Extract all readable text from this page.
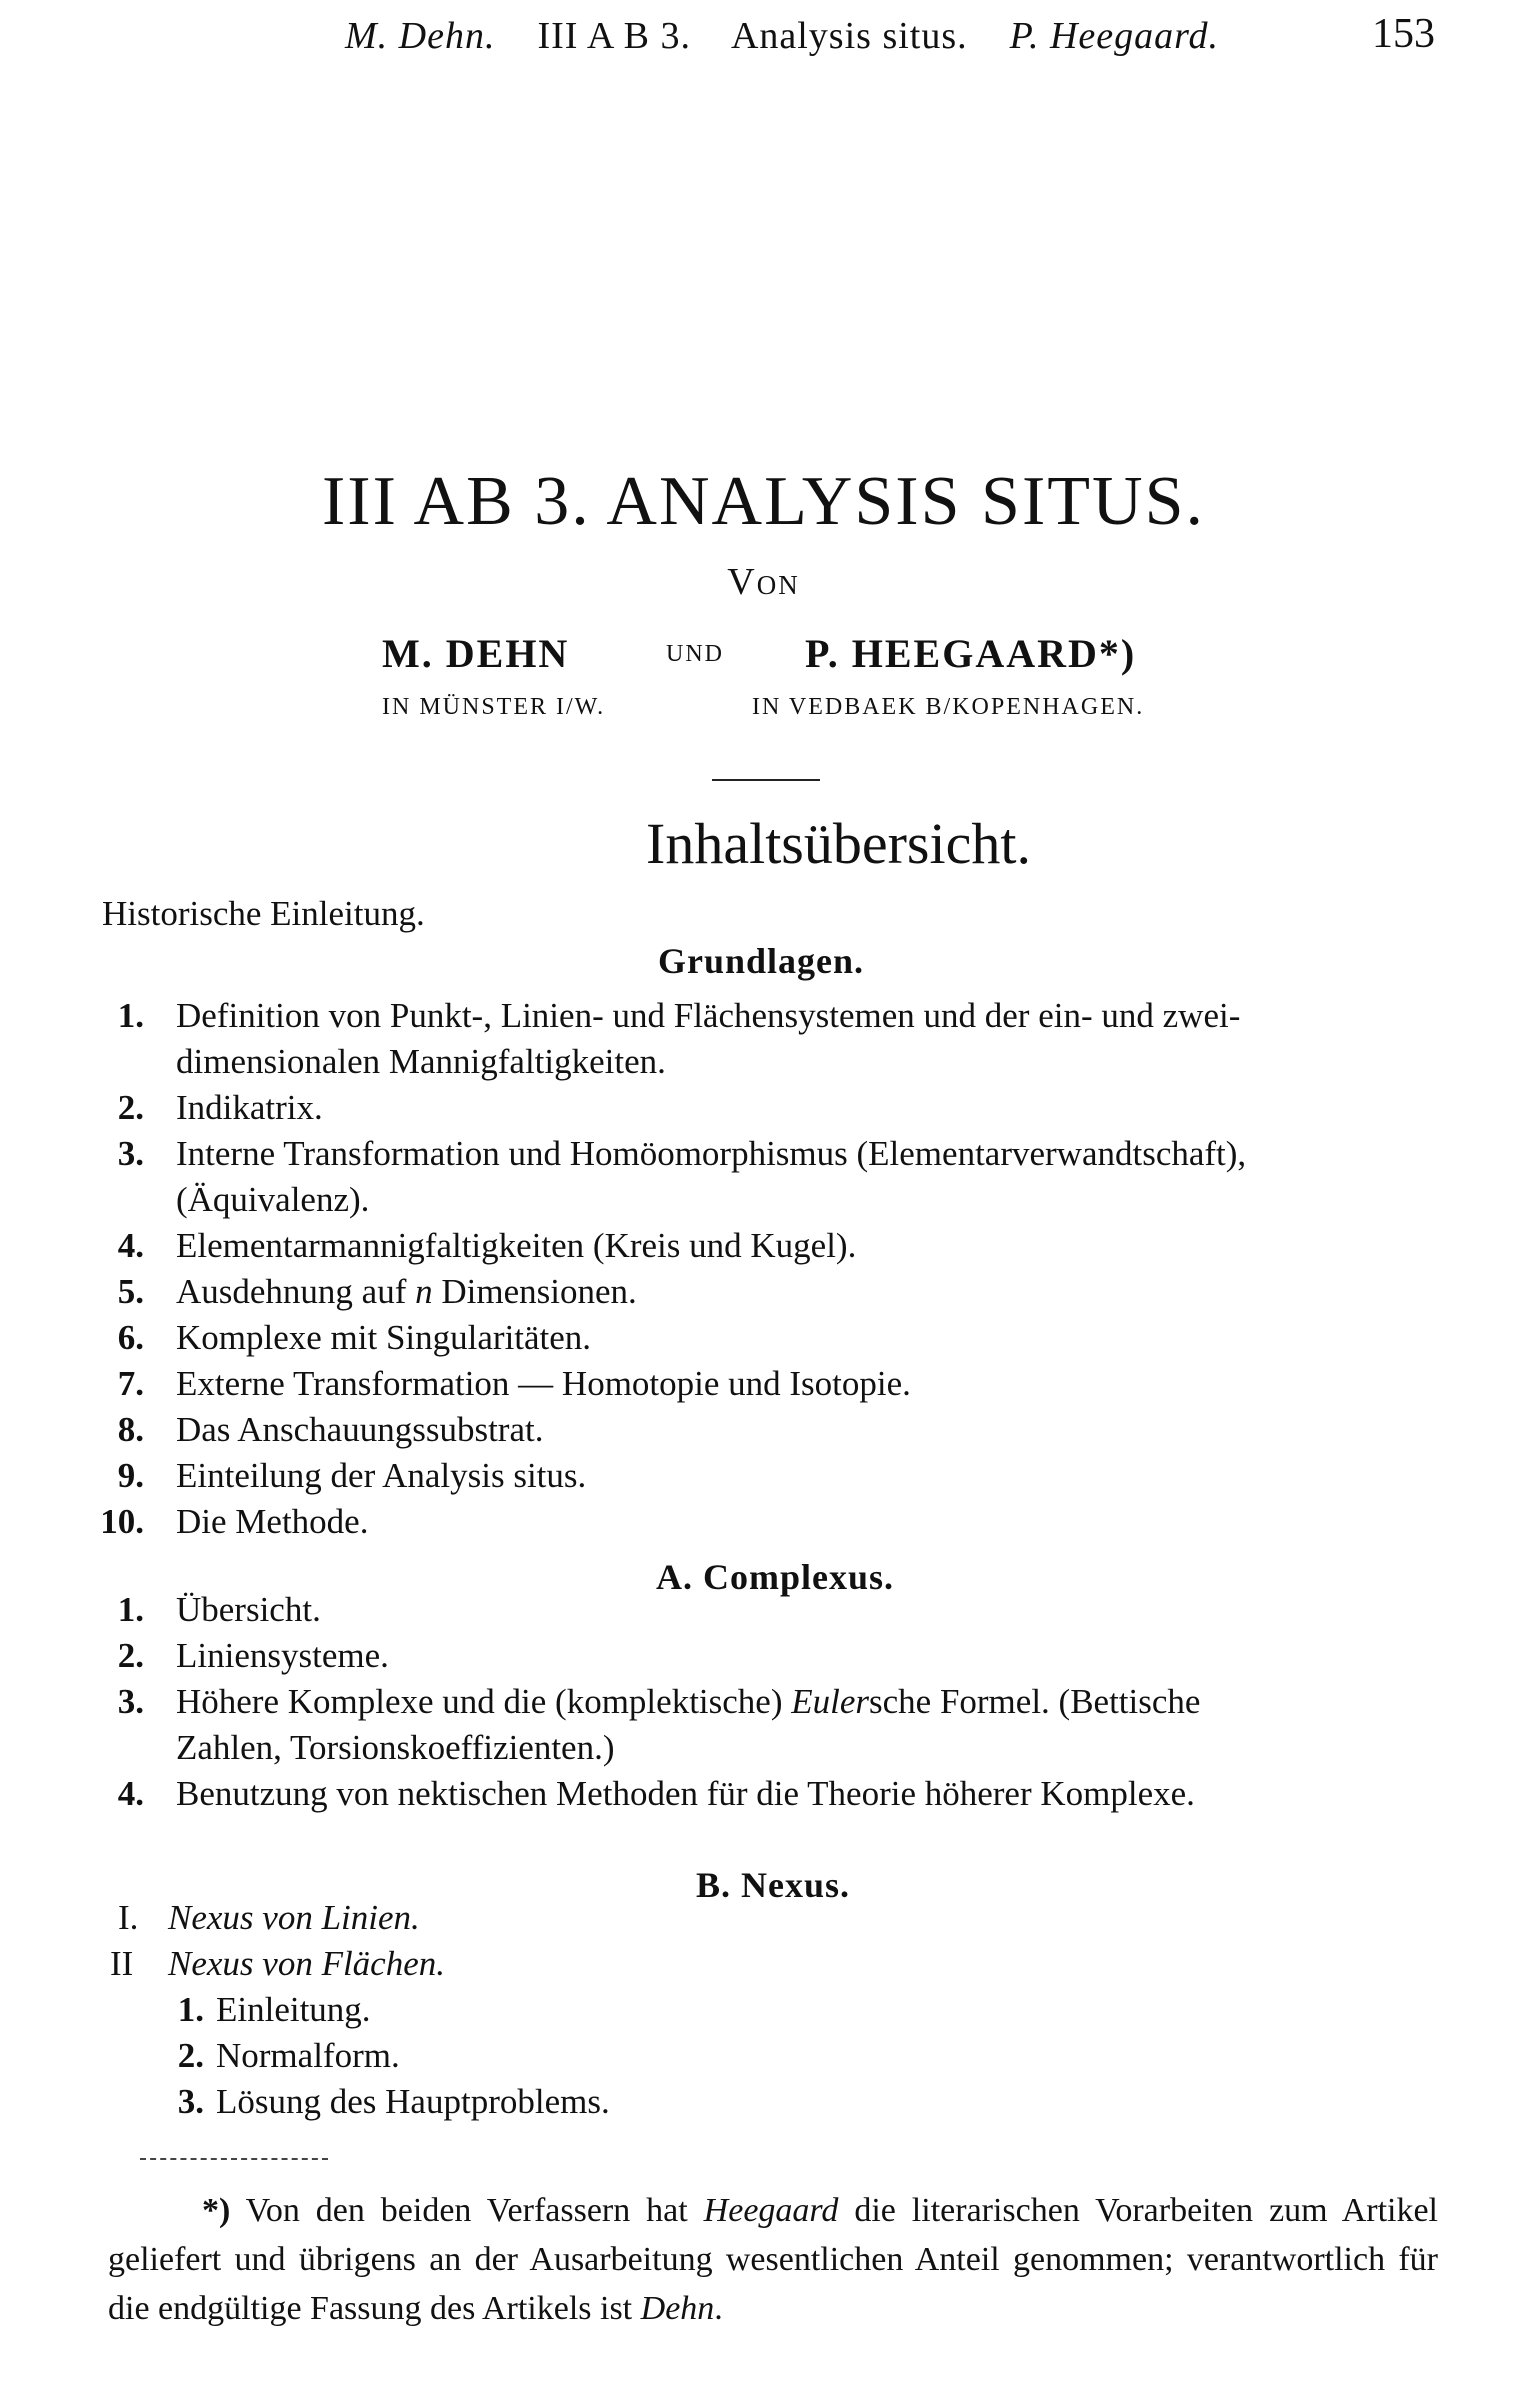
M. Dehn. III A B 3. Analysis situs. P. Heegaard.	153
III AB 3. ANALYSIS SITUS.
Von
M. DEHN	und P. HEEGAARD*)
IN MÜNSTER I/W.	IN VEDBAEK B/KOPENHAGEN.
Inhaltsübersicht.
Historische Einleitung.
Grundlagen.
1. Definition von Punkt-, Linien- und Flächensystemen und der ein- und zwei-
dimensionalen Mannigfaltigkeiten.
2. Indikatrix.
3. Interne Transformation und Homöomorphismus (Elementarverwandtschaft),
(Äquivalenz).
4. Elementarmannigfaltigkeiten (Kreis und Kugel).
5. Ausdehnung auf n Dimensionen.
6. Komplexe mit Singularitäten.
7. Externe Transformation — Homotopie und Isotopie.
8. Das Anschauungssubstrat.
9. Einteilung der Analysis situs.
10. Die Methode.
A. Complexus.
1. Übersicht.
2. Liniensysteme.
3. Höhere Komplexe und die (komplektische) Eulersche Formel. (Bettische
Zahlen, Torsionskoeffizienten.)
4. Benutzung von nektischen Methoden für die Theorie höherer Komplexe.
B. Nexus.
I. Nexus von Linien.
II Nexus von Flächen.
1. Einleitung.
2. Normalform.
3. Lösung des Hauptproblems.
*) Von den beiden Verfassern hat Heegaard die literarischen Vorarbeiten zum Artikel geliefert und übrigens an der Ausarbeitung wesentlichen Anteil genommen; verantwortlich für die endgültige Fassung des Artikels ist Dehn.
